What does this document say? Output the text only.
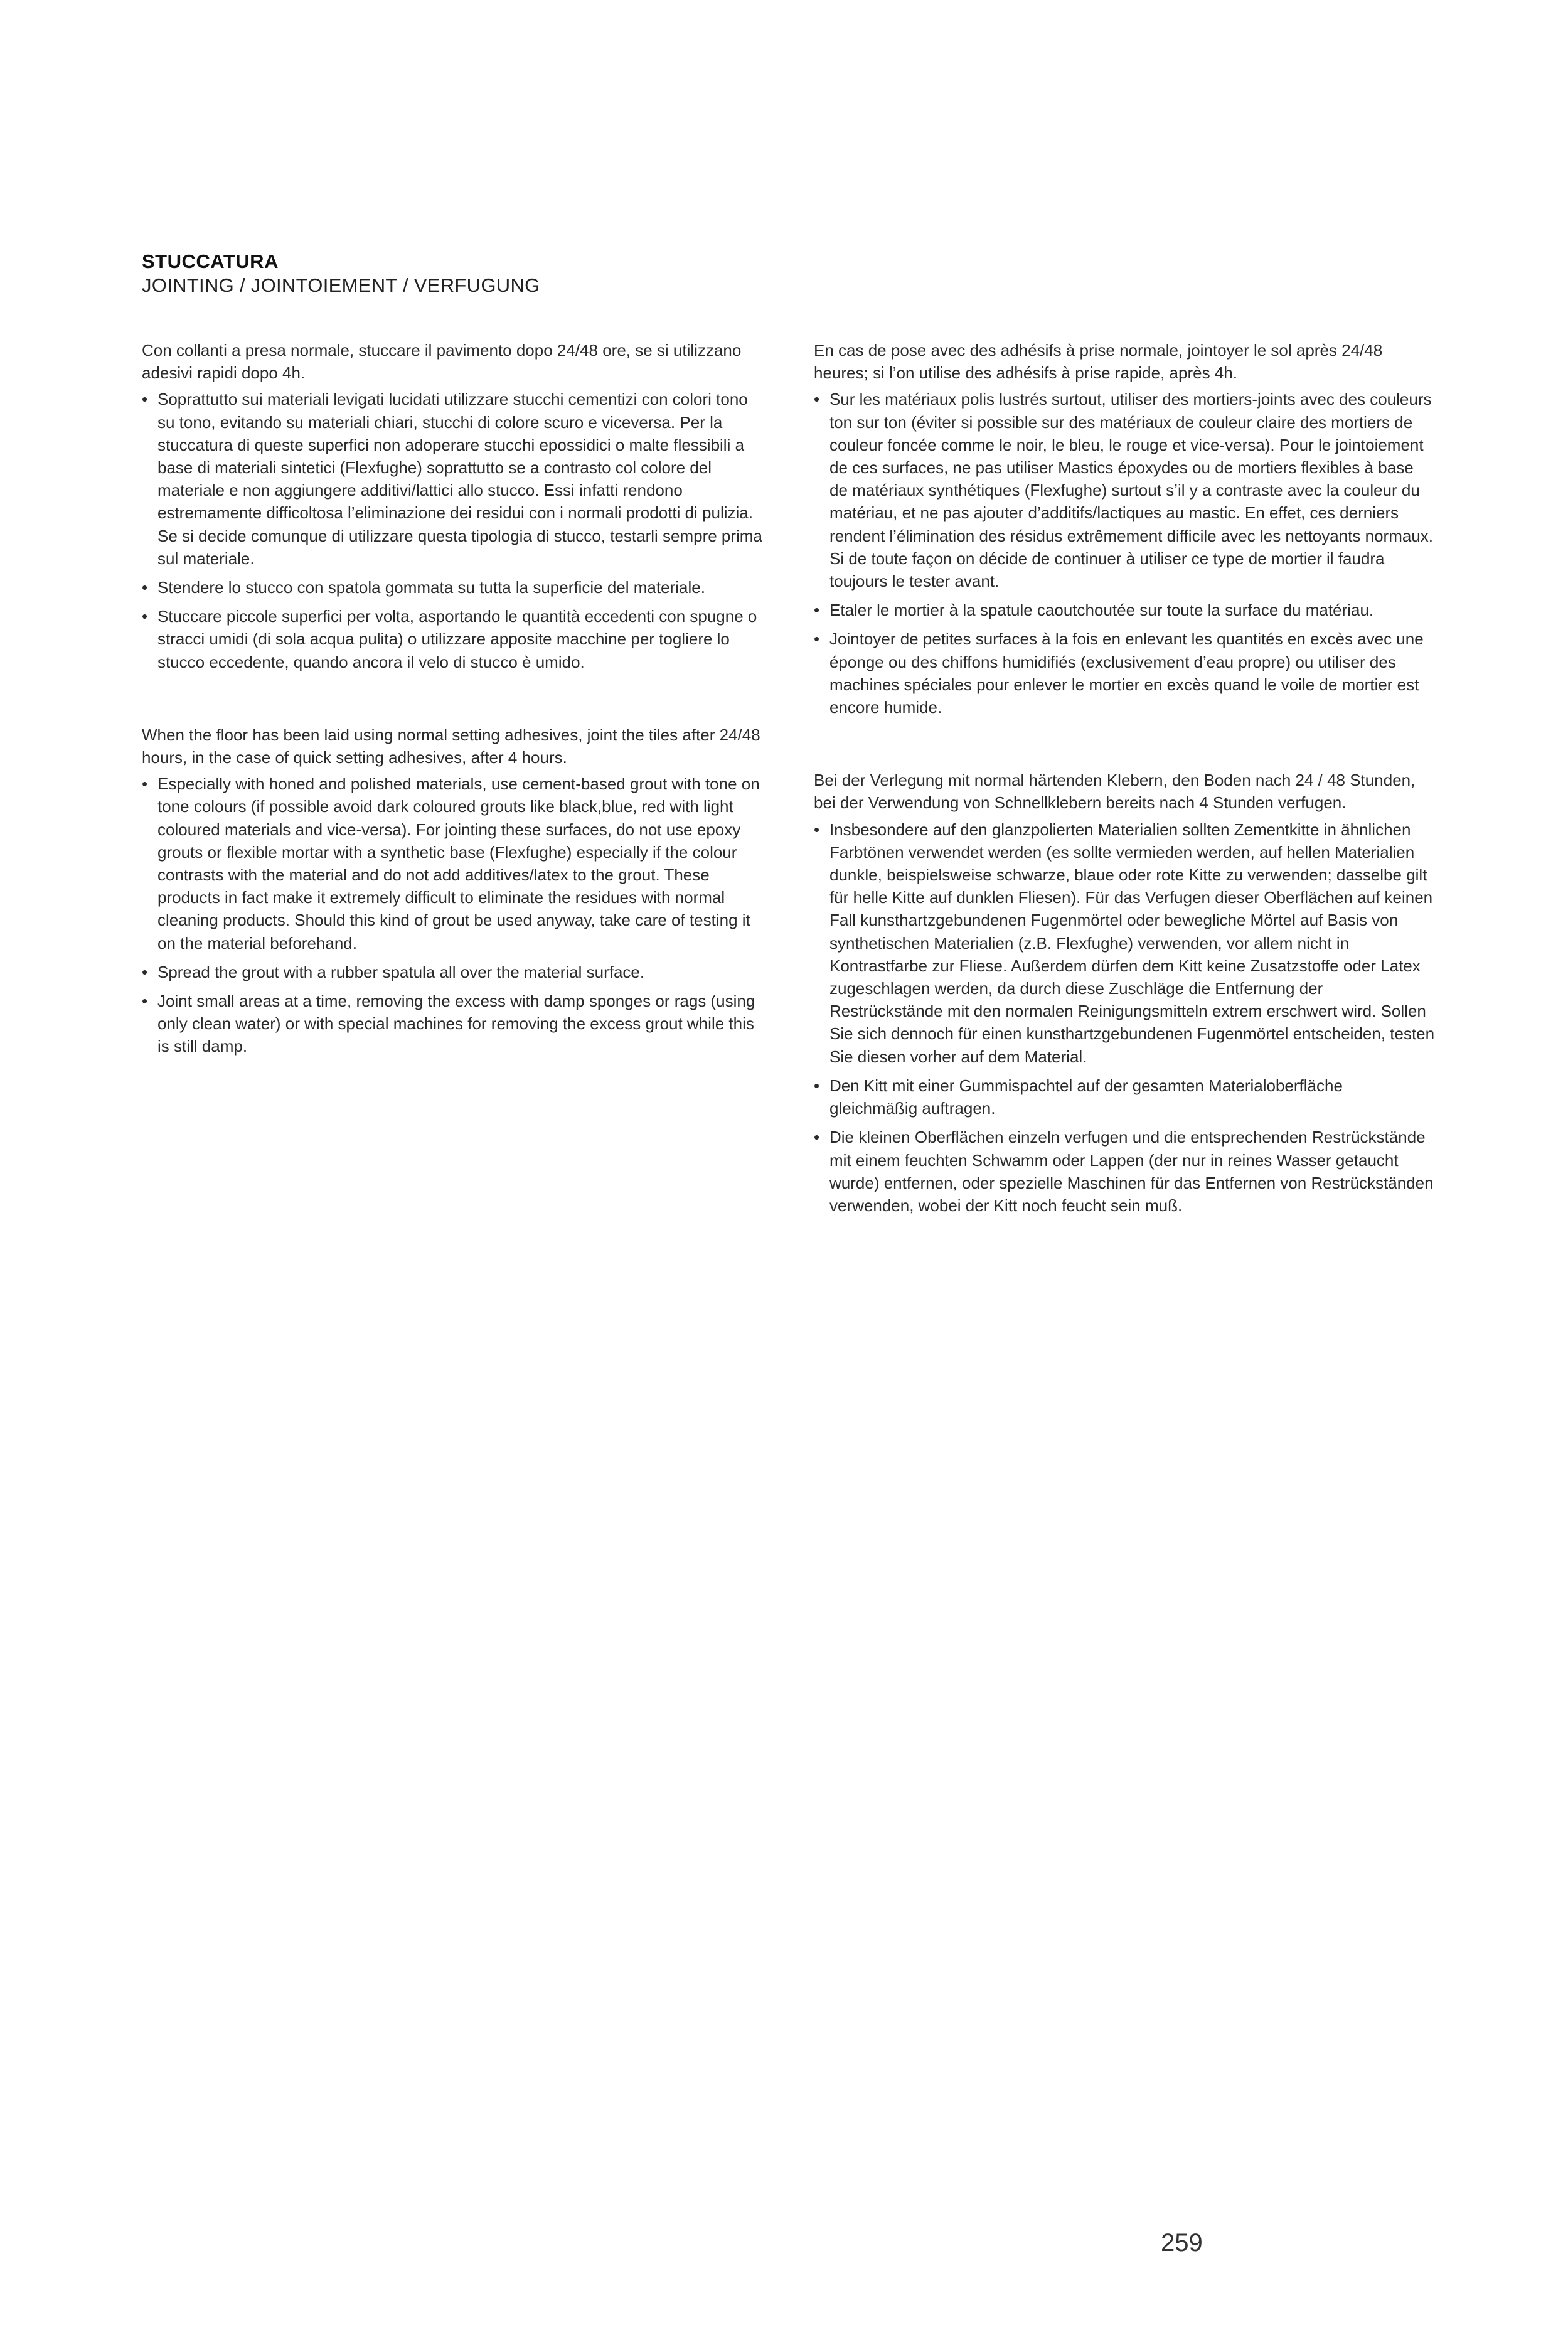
STUCCATURA
JOINTING / JOINTOIEMENT / VERFUGUNG

Con collanti a presa normale, stuccare il pavimento dopo 24/48 ore, se si utilizzano adesivi rapidi dopo 4h.

• Soprattutto sui materiali levigati lucidati utilizzare stucchi cementizi con colori tono su tono, evitando su materiali chiari, stucchi di colore scuro e viceversa. Per la stuccatura di queste superfici non adoperare stucchi epossidici o malte flessibili a base di materiali sintetici (Flexfughe) soprattutto se a contrasto col colore del materiale e non aggiungere additivi/lattici allo stucco. Essi infatti rendono estremamente difficoltosa l’eliminazione dei residui con i normali prodotti di pulizia. Se si decide comunque di utilizzare questa tipologia di stucco, testarli sempre prima sul materiale.
• Stendere lo stucco con spatola gommata su tutta la superficie del materiale.
• Stuccare piccole superfici per volta, asportando le quantità eccedenti con spugne o stracci umidi (di sola acqua pulita) o utilizzare apposite macchine per togliere lo stucco eccedente, quando ancora il velo di stucco è umido.

When the floor has been laid using normal setting adhesives, joint the tiles after 24/48 hours, in the case of quick setting adhesives, after 4 hours.

• Especially with honed and polished materials, use cement-based grout with tone on tone colours (if possible avoid dark coloured grouts like black,blue, red with light coloured materials and vice-versa). For jointing these surfaces, do not use epoxy grouts or flexible mortar with a synthetic base (Flexfughe) especially if the colour contrasts with the material and do not add additives/latex to the grout. These products in fact make it extremely difficult to eliminate the residues with normal cleaning products. Should this kind of grout be used anyway, take care of testing it on the material beforehand.
• Spread the grout with a rubber spatula all over the material surface.
• Joint small areas at a time, removing the excess with damp sponges or rags (using only clean water) or with special machines for removing the excess grout while this is still damp.

En cas de pose avec des adhésifs à prise normale, jointoyer le sol après 24/48 heures; si l’on utilise des adhésifs à prise rapide, après 4h.

• Sur les matériaux polis lustrés surtout, utiliser des mortiers-joints avec des couleurs ton sur ton (éviter si possible sur des matériaux de couleur claire des mortiers de couleur foncée comme le noir, le bleu, le rouge et vice-versa). Pour le jointoiement de ces surfaces, ne pas utiliser Mastics époxydes ou de mortiers flexibles à base de matériaux synthétiques (Flexfughe) surtout s’il y a contraste avec la couleur du matériau, et ne pas ajouter d’additifs/lactiques au mastic. En effet, ces derniers rendent l’élimination des résidus extrêmement difficile avec les nettoyants normaux. Si de toute façon on décide de continuer à utiliser ce type de mortier il faudra toujours le tester avant.
• Etaler le mortier à la spatule caoutchoutée sur toute la surface du matériau.
• Jointoyer de petites surfaces à la fois en enlevant les quantités en excès avec une éponge ou des chiffons humidifiés (exclusivement d’eau propre) ou utiliser des machines spéciales pour enlever le mortier en excès quand le voile de mortier est encore humide.

Bei der Verlegung mit normal härtenden Klebern, den Boden nach 24 / 48 Stunden, bei der Verwendung von Schnellklebern bereits nach 4 Stunden verfugen.

• Insbesondere auf den glanzpolierten Materialien sollten Zementkitte in ähnlichen Farbtönen verwendet werden (es sollte vermieden werden, auf hellen Materialien dunkle, beispielsweise schwarze, blaue oder rote Kitte zu verwenden; dasselbe gilt für helle Kitte auf dunklen Fliesen). Für das Verfugen dieser Oberflächen auf keinen Fall kunsthartzgebundenen Fugenmörtel oder bewegliche Mörtel auf Basis von synthetischen Materialien (z.B. Flexfughe) verwenden, vor allem nicht in Kontrastfarbe zur Fliese. Außerdem dürfen dem Kitt keine Zusatzstoffe oder Latex zugeschlagen werden, da durch diese Zuschläge die Entfernung der Restrückstände mit den normalen Reinigungsmitteln extrem erschwert wird. Sollen Sie sich dennoch für einen kunsthartzgebundenen Fugenmörtel entscheiden, testen Sie diesen vorher auf dem Material.
• Den Kitt mit einer Gummispachtel auf der gesamten Materialoberfläche gleichmäßig auftragen.
• Die kleinen Oberflächen einzeln verfugen und die entsprechenden Restrückstände mit einem feuchten Schwamm oder Lappen (der nur in reines Wasser getaucht wurde) entfernen, oder spezielle Maschinen für das Entfernen von Restrückständen verwenden, wobei der Kitt noch feucht sein muß.
259
